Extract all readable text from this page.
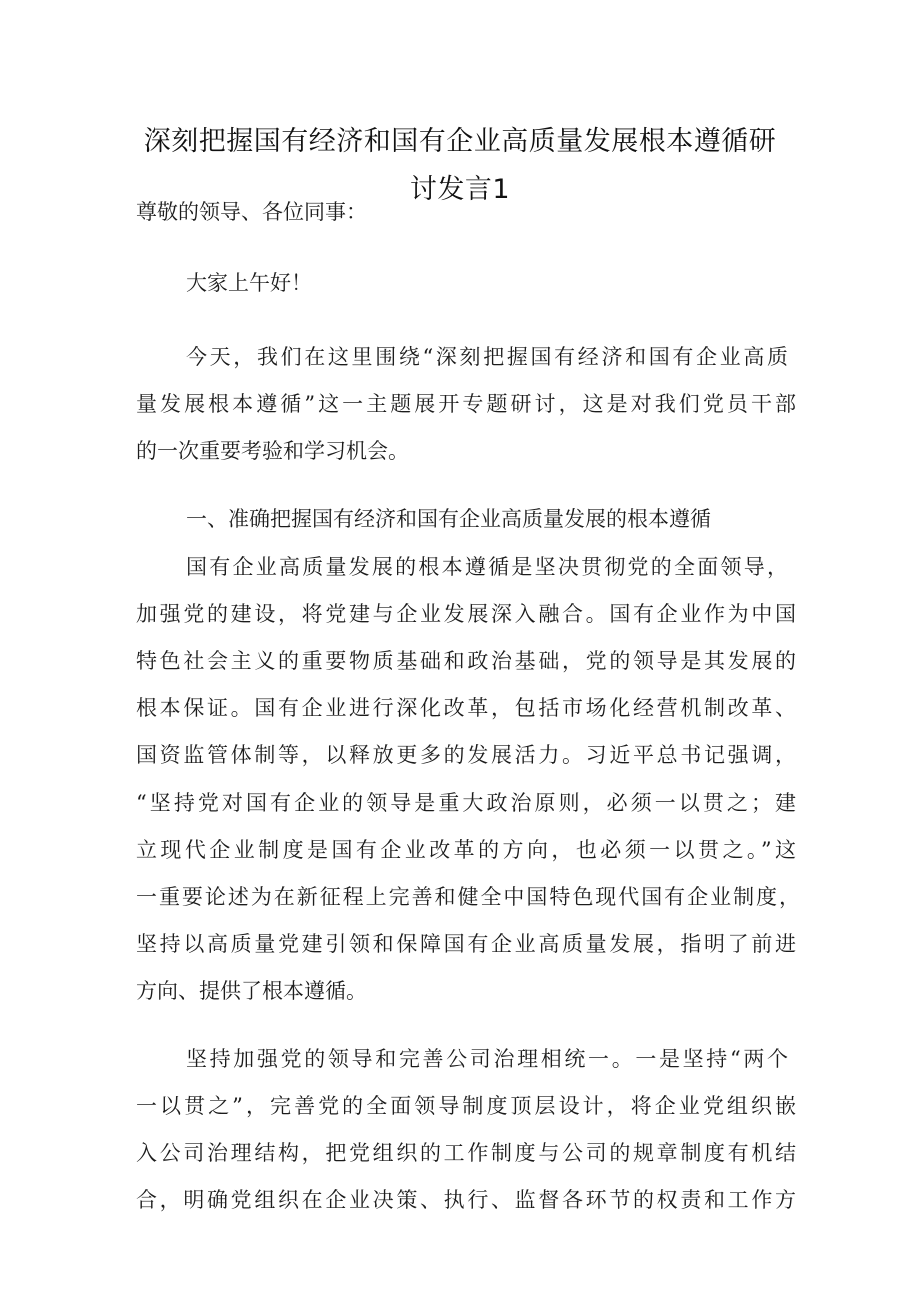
深刻把握国有经济和国有企业高质量发展根本遵循研
讨发言1

尊敬的领导、各位同事：

大家上午好！

今天，我们在这里围绕“深刻把握国有经济和国有企业高质

量发展根本遵循”这一主题展开专题研讨，这是对我们党员干部

的一次重要考验和学习机会。

一、准确把握国有经济和国有企业高质量发展的根本遵循

国有企业高质量发展的根本遵循是坚决贯彻党的全面领导，

加强党的建设，将党建与企业发展深入融合。国有企业作为中国

特色社会主义的重要物质基础和政治基础，党的领导是其发展的

根本保证。国有企业进行深化改革，包括市场化经营机制改革、

国资监管体制等，以释放更多的发展活力。习近平总书记强调，

“坚持党对国有企业的领导是重大政治原则，必须一以贯之；建

立现代企业制度是国有企业改革的方向，也必须一以贯之。”这

一重要论述为在新征程上完善和健全中国特色现代国有企业制度，

坚持以高质量党建引领和保障国有企业高质量发展，指明了前进

方向、提供了根本遵循。

坚持加强党的领导和完善公司治理相统一。一是坚持“两个

一以贯之”，完善党的全面领导制度顶层设计，将企业党组织嵌

入公司治理结构，把党组织的工作制度与公司的规章制度有机结

合，明确党组织在企业决策、执行、监督各环节的权责和工作方
